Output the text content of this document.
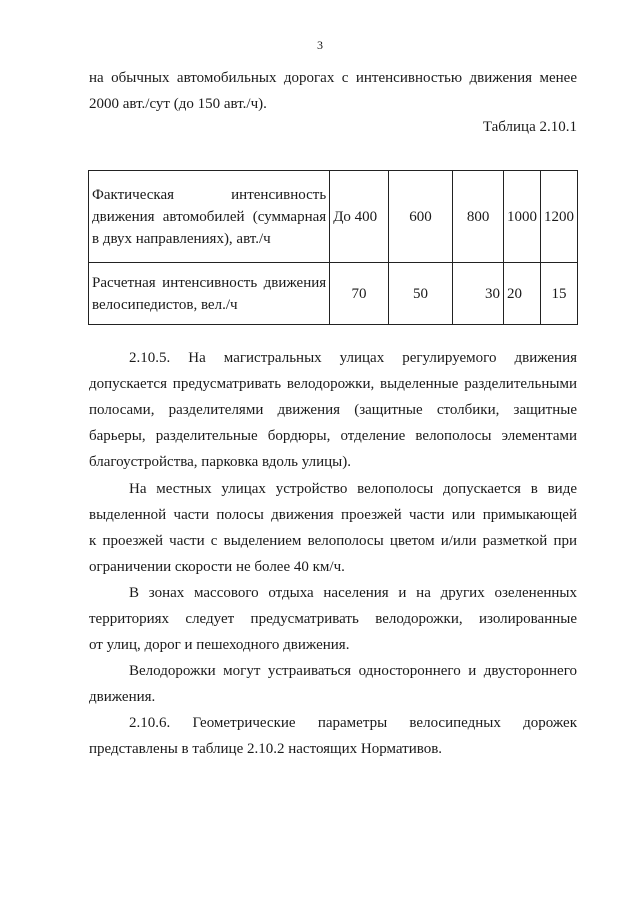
3
на обычных автомобильных дорогах с интенсивностью движения менее
2000 авт./сут (до 150 авт./ч).
Таблица 2.10.1
Фактическая интенсивность
движения автомобилей (суммарная
в двух направлениях), авт./ч	До 400	600	800	1000	1200

Расчетная интенсивность движения
велосипедистов, вел./ч	70	50	30	20	15
2.10.5. На магистральных улицах регулируемого движения
допускается предусматривать велодорожки, выделенные разделительными
полосами, разделителями движения (защитные столбики, защитные
барьеры, разделительные бордюры, отделение велополосы элементами
благоустройства, парковка вдоль улицы).
На местных улицах устройство велополосы допускается в виде
выделенной части полосы движения проезжей части или примыкающей
к проезжей части с выделением велополосы цветом и/или разметкой при
ограничении скорости не более 40 км/ч.
В зонах массового отдыха населения и на других озелененных
территориях следует предусматривать велодорожки, изолированные
от улиц, дорог и пешеходного движения.
Велодорожки могут устраиваться одностороннего и двустороннего
движения.
2.10.6. Геометрические параметры велосипедных дорожек
представлены в таблице 2.10.2 настоящих Нормативов.
